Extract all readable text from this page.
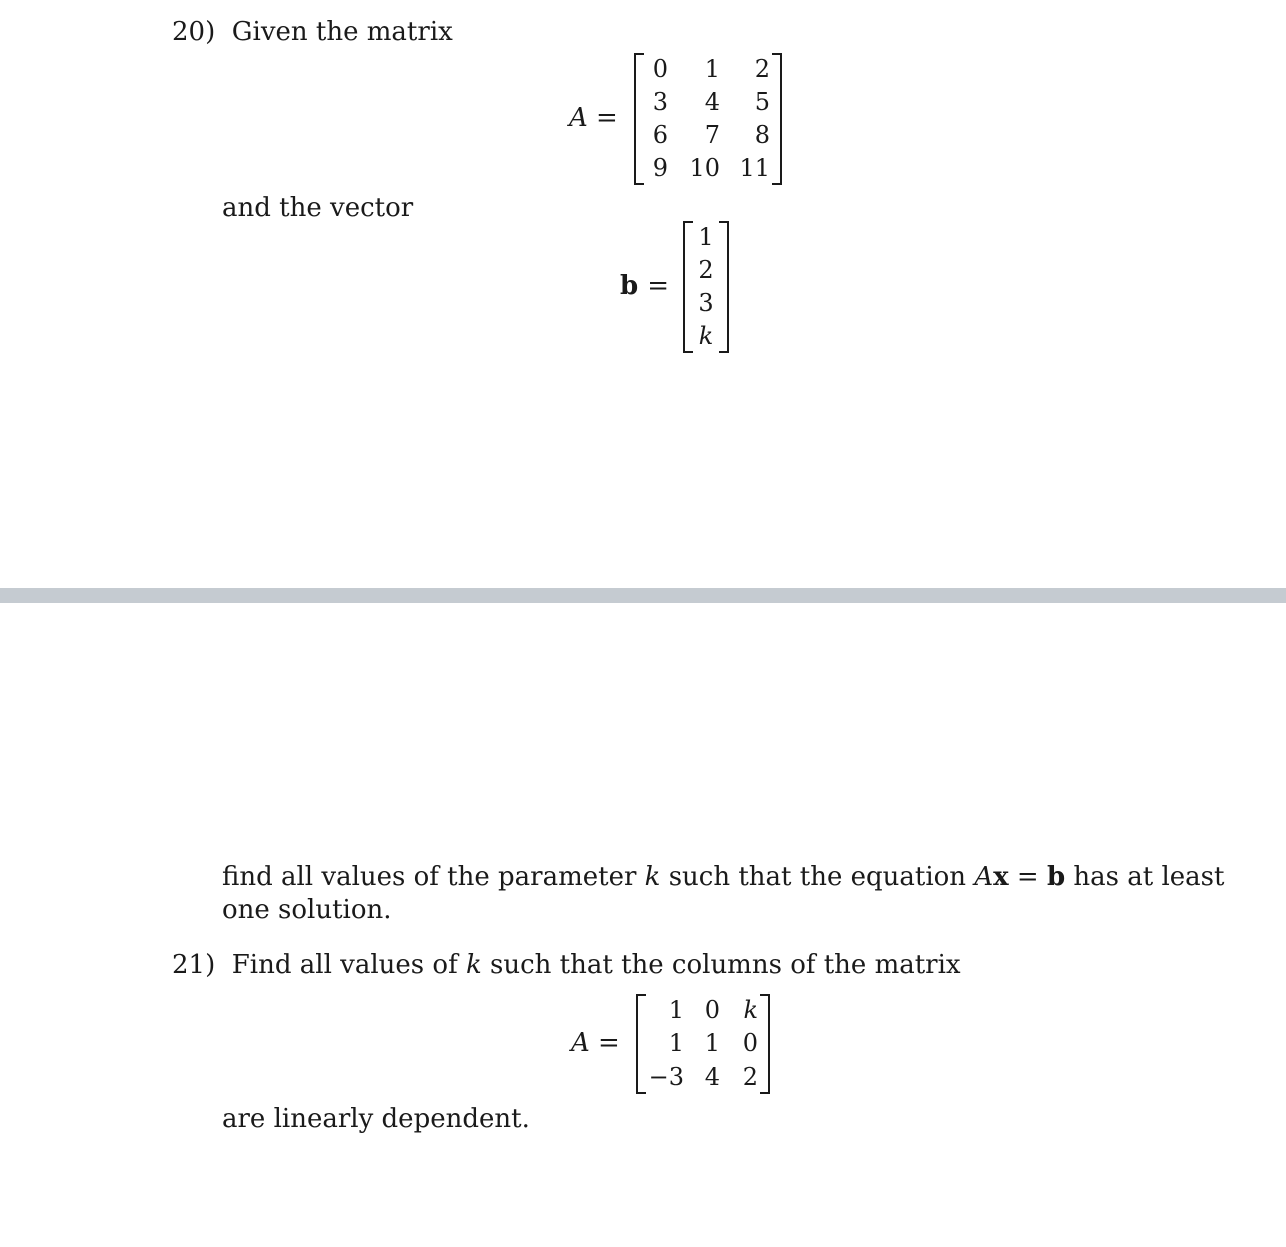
20) Given the matrix
A =
0	1	2
3	4	5
6	7	8
9 10 11
and the vector
b =
1
2
3
k
find all values of the parameter k such that the equation Ax = b has at least
one solution.
21) Find all values of k such that the columns of the matrix
A =
1 0 k
1 1 0
−3 4 2
are linearly dependent.
